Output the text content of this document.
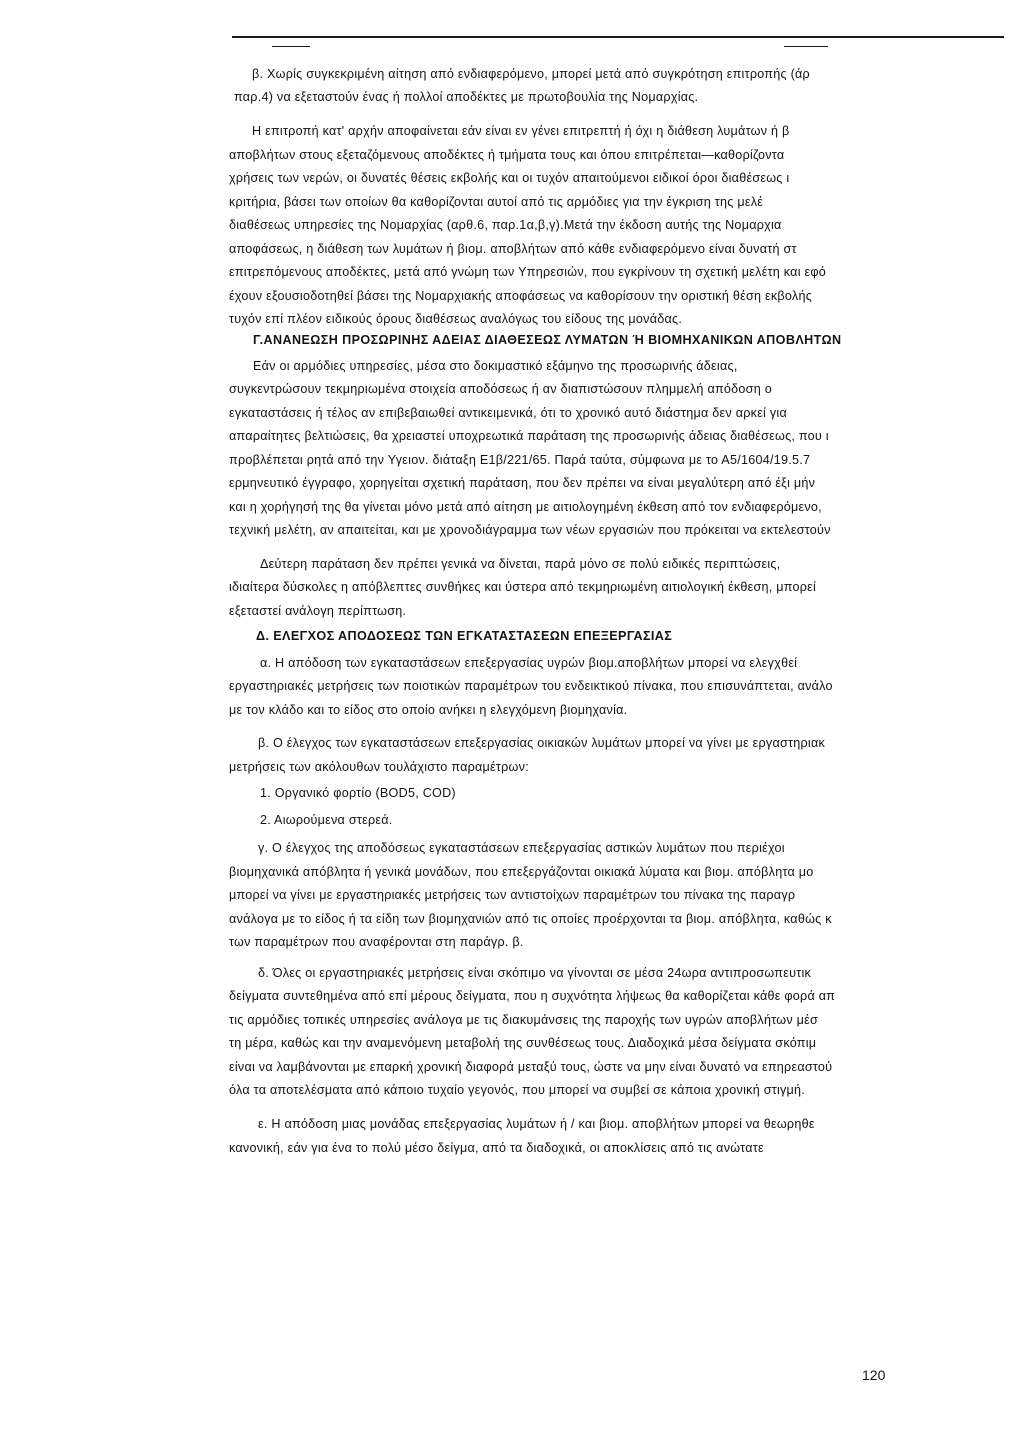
β. Χωρίς συγκεκριμένη αίτηση από ενδιαφερόμενο, μπορεί μετά από συγκρότηση επιτροπής (άρ
παρ.4) να εξεταστούν ένας ή πολλοί αποδέκτες με πρωτοβουλία της Νομαρχίας.
Η επιτροπή κατ' αρχήν αποφαίνεται εάν είναι εν γένει επιτρεπτή ή όχι η διάθεση λυμάτων ή β
αποβλήτων στους εξεταζόμενους αποδέκτες ή τμήματα τους και όπου επιτρέπεται—καθορίζοντα
χρήσεις των νερών, οι δυνατές θέσεις εκβολής και οι τυχόν απαιτούμενοι ειδικοί όροι διαθέσεως ι
κριτήρια, βάσει των οποίων θα καθορίζονται αυτοί από τις αρμόδιες για την έγκριση της μελέ
διαθέσεως υπηρεσίες της Νομαρχίας (αρθ.6, παρ.1α,β,γ).Μετά την έκδοση αυτής της Νομαρχια
αποφάσεως, η διάθεση των λυμάτων ή βιομ. αποβλήτων από κάθε ενδιαφερόμενο είναι δυνατή στ
επιτρεπόμενους αποδέκτες, μετά από γνώμη των Υπηρεσιών, που εγκρίνουν τη σχετική μελέτη και εφό
έχουν εξουσιοδοτηθεί βάσει της Νομαρχιακής αποφάσεως να καθορίσουν την οριστική θέση εκβολής
τυχόν επί πλέον ειδικούς όρους διαθέσεως αναλόγως του είδους της μονάδας.
Γ.ΑΝΑΝΕΩΣΗ ΠΡΟΣΩΡΙΝΗΣ ΑΔΕΙΑΣ ΔΙΑΘΕΣΕΩΣ ΛΥΜΑΤΩΝ Ή ΒΙΟΜΗΧΑΝΙΚΩΝ ΑΠΟΒΛΗΤΩΝ
Εάν οι αρμόδιες υπηρεσίες, μέσα στο δοκιμαστικό εξάμηνο της προσωρινής άδειας,
συγκεντρώσουν τεκμηριωμένα στοιχεία αποδόσεως ή αν διαπιστώσουν πλημμελή απόδοση ο
εγκαταστάσεις ή τέλος αν επιβεβαιωθεί αντικειμενικά, ότι το χρονικό αυτό διάστημα δεν αρκεί για
απαραίτητες βελτιώσεις, θα χρειαστεί υποχρεωτικά παράταση της προσωρινής άδειας διαθέσεως, που ι
προβλέπεται ρητά από την Υγειον. διάταξη Ε1β/221/65. Παρά ταύτα, σύμφωνα με το Α5/1604/19.5.7
ερμηνευτικό έγγραφο, χορηγείται σχετική παράταση, που δεν πρέπει να είναι μεγαλύτερη από έξι μήν
και η χορήγησή της θα γίνεται μόνο μετά από αίτηση με αιτιολογημένη έκθεση από τον ενδιαφερόμενο,
τεχνική μελέτη, αν απαιτείται, και με χρονοδιάγραμμα των νέων εργασιών που πρόκειται να εκτελεστούν
Δεύτερη παράταση δεν πρέπει γενικά να δίνεται, παρά μόνο σε πολύ ειδικές περιπτώσεις,
ιδιαίτερα δύσκολες η απόβλεπτες συνθήκες και ύστερα από τεκμηριωμένη αιτιολογική έκθεση, μπορεί
εξεταστεί ανάλογη περίπτωση.
Δ. ΕΛΕΓΧΟΣ ΑΠΟΔΟΣΕΩΣ ΤΩΝ ΕΓΚΑΤΑΣΤΑΣΕΩΝ ΕΠΕΞΕΡΓΑΣΙΑΣ
α. Η απόδοση των εγκαταστάσεων επεξεργασίας υγρών βιομ.αποβλήτων μπορεί να ελεγχθεί
εργαστηριακές μετρήσεις των ποιοτικών παραμέτρων του ενδεικτικού πίνακα, που επισυνάπτεται, ανάλο
με τον κλάδο και το είδος στο οποίο ανήκει η ελεγχόμενη βιομηχανία.
β. Ο έλεγχος των εγκαταστάσεων επεξεργασίας οικιακών λυμάτων μπορεί να γίνει με εργαστηριακ
μετρήσεις των ακόλουθων τουλάχιστο παραμέτρων:
1. Οργανικό φορτίο (BOD5, COD)
2. Αιωρούμενα στερεά.
γ. Ο έλεγχος της αποδόσεως εγκαταστάσεων επεξεργασίας αστικών λυμάτων που περιέχοι
βιομηχανικά απόβλητα ή γενικά μονάδων, που επεξεργάζονται οικιακά λύματα και βιομ. απόβλητα μο
μπορεί να γίνει με εργαστηριακές μετρήσεις των αντιστοίχων παραμέτρων του πίνακα της παραγρ
ανάλογα με το είδος ή τα είδη των βιομηχανιών από τις οποίες προέρχονται τα βιομ. απόβλητα, καθώς κ
των παραμέτρων που αναφέρονται στη παράγρ. β.
δ. Όλες οι εργαστηριακές μετρήσεις είναι σκόπιμο να γίνονται σε μέσα 24ωρα αντιπροσωπευτικ
δείγματα συντεθημένα από επί μέρους δείγματα, που η συχνότητα λήψεως θα καθορίζεται κάθε φορά απ
τις αρμόδιες τοπικές υπηρεσίες ανάλογα με τις διακυμάνσεις της παροχής των υγρών αποβλήτων μέσ
τη μέρα, καθώς και την αναμενόμενη μεταβολή της συνθέσεως τους. Διαδοχικά μέσα δείγματα σκόπιμ
είναι να λαμβάνονται με επαρκή χρονική διαφορά μεταξύ τους, ώστε να μην είναι δυνατό να επηρεαστού
όλα τα αποτελέσματα από κάποιο τυχαίο γεγονός, που μπορεί να συμβεί σε κάποια χρονική στιγμή.
ε. Η απόδοση μιας μονάδας επεξεργασίας λυμάτων ή / και βιομ. αποβλήτων μπορεί να θεωρηθε
κανονική, εάν για ένα το πολύ μέσο δείγμα, από τα διαδοχικά, οι αποκλίσεις από τις ανώτατε
120
